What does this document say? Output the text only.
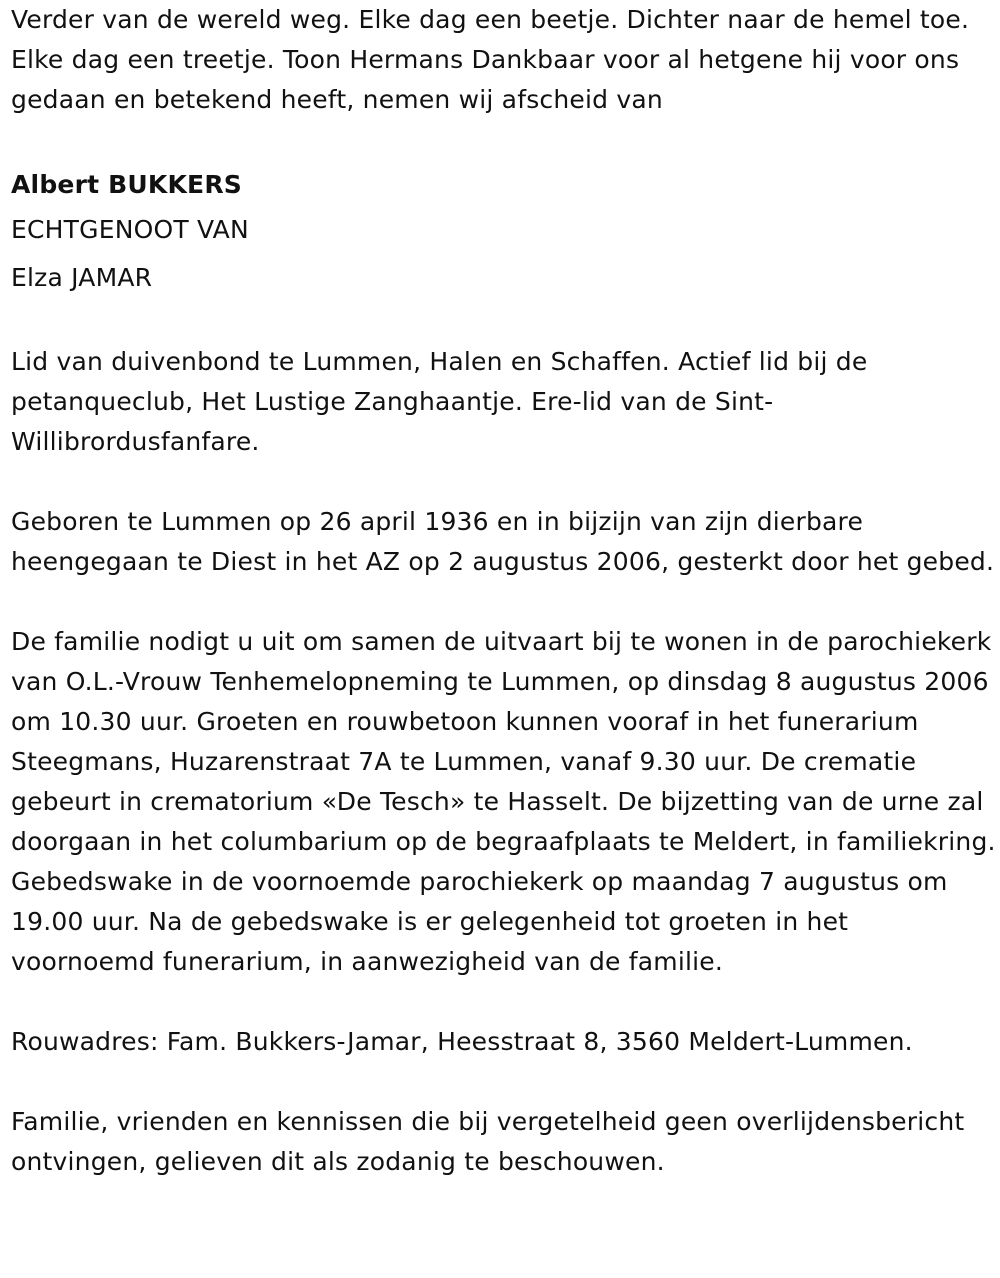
Verder van de wereld weg. Elke dag een beetje. Dichter naar de hemel toe. Elke dag een treetje. Toon Hermans Dankbaar voor al hetgene hij voor ons gedaan en betekend heeft, nemen wij afscheid van

Albert BUKKERS

ECHTGENOOT VAN

Elza JAMAR

Lid van duivenbond te Lummen, Halen en Schaffen. Actief lid bij de petanqueclub, Het Lustige Zanghaantje. Ere-lid van de Sint-Willibrordusfanfare.

Geboren te Lummen op 26 april 1936 en in bijzijn van zijn dierbare heengegaan te Diest in het AZ op 2 augustus 2006, gesterkt door het gebed.

De familie nodigt u uit om samen de uitvaart bij te wonen in de parochiekerk van O.L.-Vrouw Tenhemelopneming te Lummen, op dinsdag 8 augustus 2006 om 10.30 uur. Groeten en rouwbetoon kunnen vooraf in het funerarium Steegmans, Huzarenstraat 7A te Lummen, vanaf 9.30 uur. De crematie gebeurt in crematorium «De Tesch» te Hasselt. De bijzetting van de urne zal doorgaan in het columbarium op de begraafplaats te Meldert, in familiekring. Gebedswake in de voornoemde parochiekerk op maandag 7 augustus om 19.00 uur. Na de gebedswake is er gelegenheid tot groeten in het voornoemd funerarium, in aanwezigheid van de familie.

Rouwadres: Fam. Bukkers-Jamar, Heesstraat 8, 3560 Meldert-Lummen.

Familie, vrienden en kennissen die bij vergetelheid geen overlijdensbericht ontvingen, gelieven dit als zodanig te beschouwen.
